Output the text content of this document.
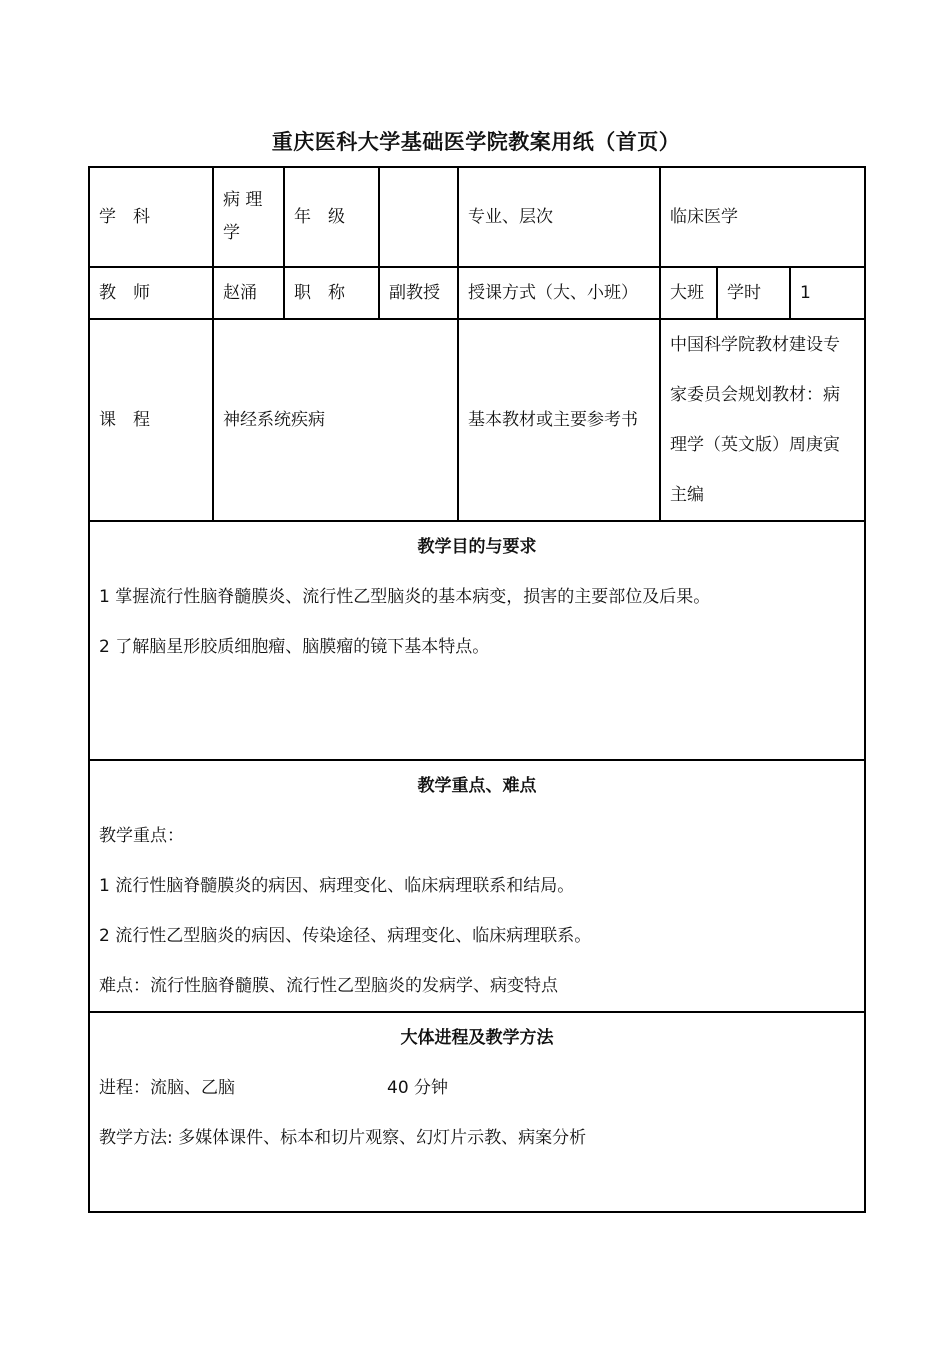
重庆医科大学基础医学院教案用纸（首页）
学　科	病 理学	年　级		专业、层次	临床医学		
教　师	赵涌	职　称	副教授	授课方式（大、小班）	大班	学时	1
课　程	神经系统疾病			基本教材或主要参考书	中国科学院教材建设专家委员会规划教材：病理学（英文版）周庚寅主编		

教学目的与要求

1 掌握流行性脑脊髓膜炎、流行性乙型脑炎的基本病变，损害的主要部位及后果。

2 了解脑星形胶质细胞瘤、脑膜瘤的镜下基本特点。							

教学重点、难点

教学重点：

1 流行性脑脊髓膜炎的病因、病理变化、临床病理联系和结局。

2 流行性乙型脑炎的病因、传染途径、病理变化、临床病理联系。

难点：流行性脑脊髓膜、流行性乙型脑炎的发病学、病变特点							

大体进程及教学方法

进程：流脑、乙脑 40 分钟

教学方法: 多媒体课件、标本和切片观察、幻灯片示教、病案分析							
